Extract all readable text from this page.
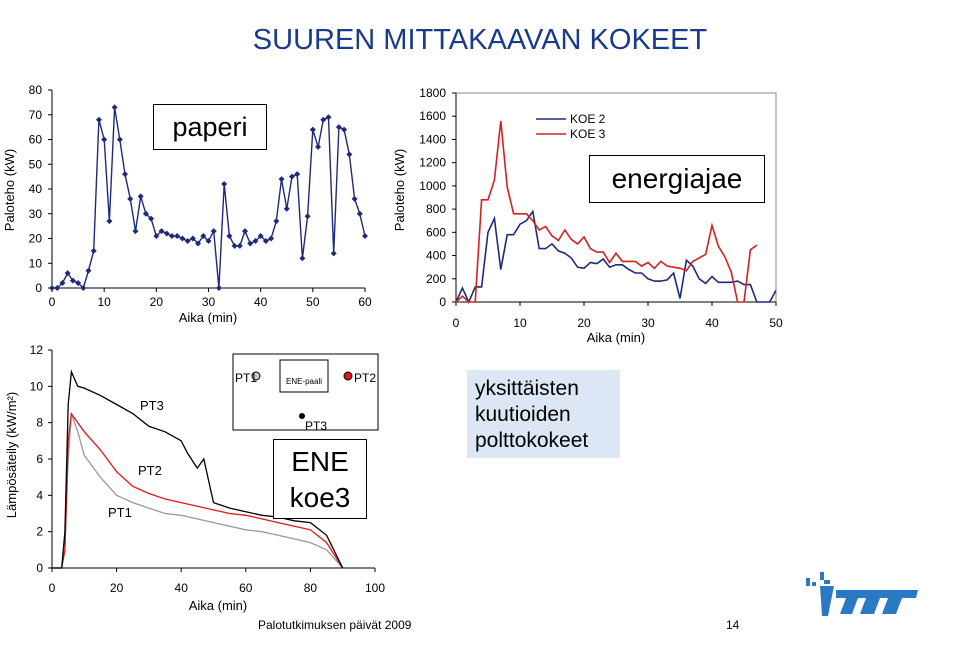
SUUREN MITTAKAAVAN KOKEET
0
10
20
30
40
50
60
70
80
0	10	20	30	40	50	60
Aika (min)
Paloteho (kW)
paperi
0
200
400
600
800
1000
1200
1400
1600
1800
0	10	20	30	40	50
Aika (min)
Paloteho (kW)
KOE 2
KOE 3
energiajae
0
2
4
6
8
10
12
0	20	40	60	80	100
Aika (min)
Lämpösäteily (kW/m²)
PT1	ENE-paali	PT2
PT3
PT3
PT2
PT1
ENE koe3
yksittäisten kuutioiden polttokokeet
Palotutkimuksen päivät 2009	14
